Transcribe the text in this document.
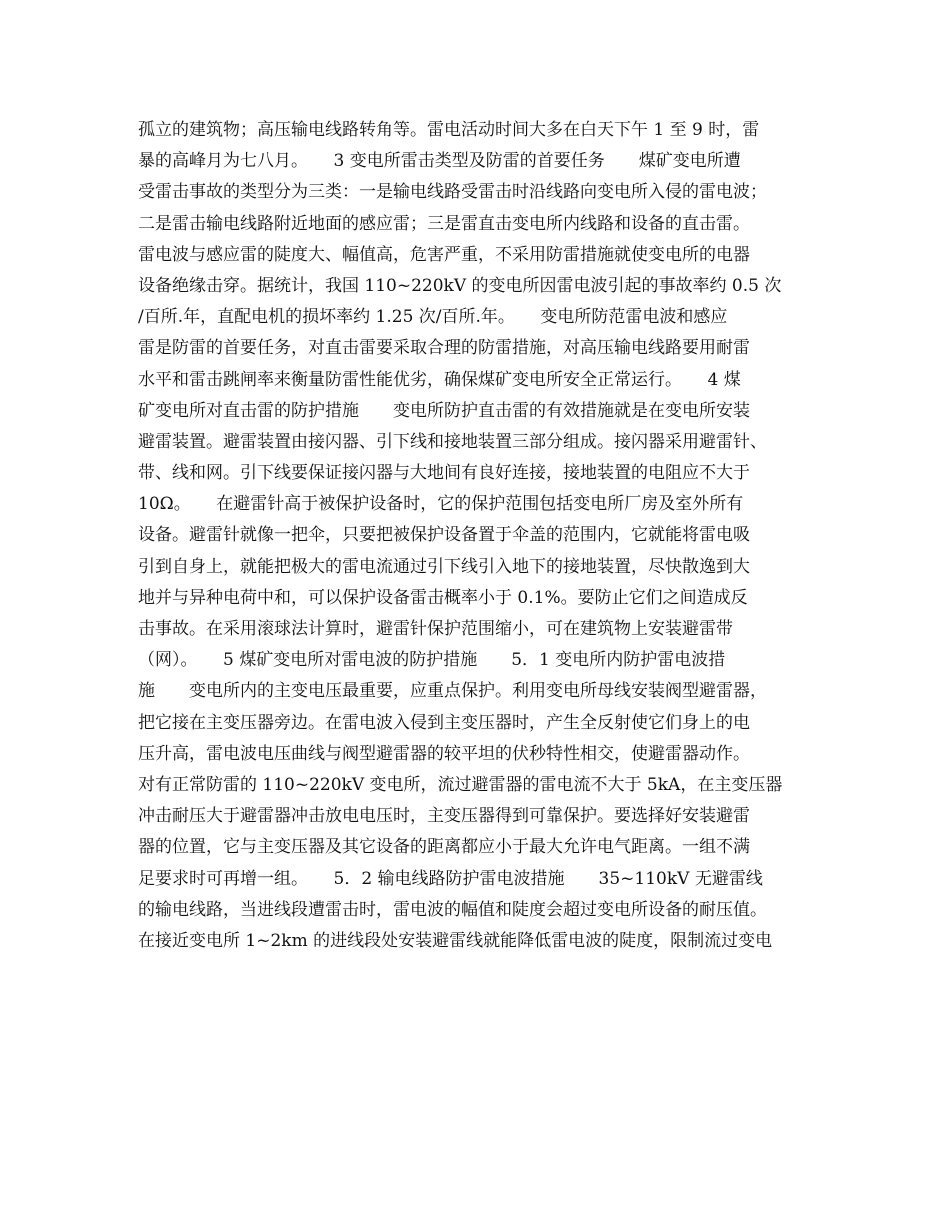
孤立的建筑物；高压输电线路转角等。雷电活动时间大多在白天下午 1 至 9 时，雷
暴的高峰月为七八月。　　3 变电所雷击类型及防雷的首要任务　　煤矿变电所遭
受雷击事故的类型分为三类：一是输电线路受雷击时沿线路向变电所入侵的雷电波；
二是雷击输电线路附近地面的感应雷；三是雷直击变电所内线路和设备的直击雷。
雷电波与感应雷的陡度大、幅值高，危害严重，不采用防雷措施就使变电所的电器
设备绝缘击穿。据统计，我国 110~220kV 的变电所因雷电波引起的事故率约 0.5 次
/百所.年，直配电机的损坏率约 1.25 次/百所.年。　　变电所防范雷电波和感应
雷是防雷的首要任务，对直击雷要采取合理的防雷措施，对高压输电线路要用耐雷
水平和雷击跳闸率来衡量防雷性能优劣，确保煤矿变电所安全正常运行。　　4 煤
矿变电所对直击雷的防护措施　　变电所防护直击雷的有效措施就是在变电所安装
避雷装置。避雷装置由接闪器、引下线和接地装置三部分组成。接闪器采用避雷针、
带、线和网。引下线要保证接闪器与大地间有良好连接，接地装置的电阻应不大于
10Ω。　　在避雷针高于被保护设备时，它的保护范围包括变电所厂房及室外所有
设备。避雷针就像一把伞，只要把被保护设备置于伞盖的范围内，它就能将雷电吸
引到自身上，就能把极大的雷电流通过引下线引入地下的接地装置，尽快散逸到大
地并与异种电荷中和，可以保护设备雷击概率小于 0.1%。要防止它们之间造成反
击事故。在采用滚球法计算时，避雷针保护范围缩小，可在建筑物上安装避雷带
（网）。　　5 煤矿变电所对雷电波的防护措施　　5．1 变电所内防护雷电波措
施　　变电所内的主变电压最重要，应重点保护。利用变电所母线安装阀型避雷器，
把它接在主变压器旁边。在雷电波入侵到主变压器时，产生全反射使它们身上的电
压升高，雷电波电压曲线与阀型避雷器的较平坦的伏秒特性相交，使避雷器动作。
对有正常防雷的 110~220kV 变电所，流过避雷器的雷电流不大于 5kA，在主变压器
冲击耐压大于避雷器冲击放电电压时，主变压器得到可靠保护。要选择好安装避雷
器的位置，它与主变压器及其它设备的距离都应小于最大允许电气距离。一组不满
足要求时可再增一组。　　5．2 输电线路防护雷电波措施　　35~110kV 无避雷线
的输电线路，当进线段遭雷击时，雷电波的幅值和陡度会超过变电所设备的耐压值。
在接近变电所 1~2km 的进线段处安装避雷线就能降低雷电波的陡度，限制流过变电
